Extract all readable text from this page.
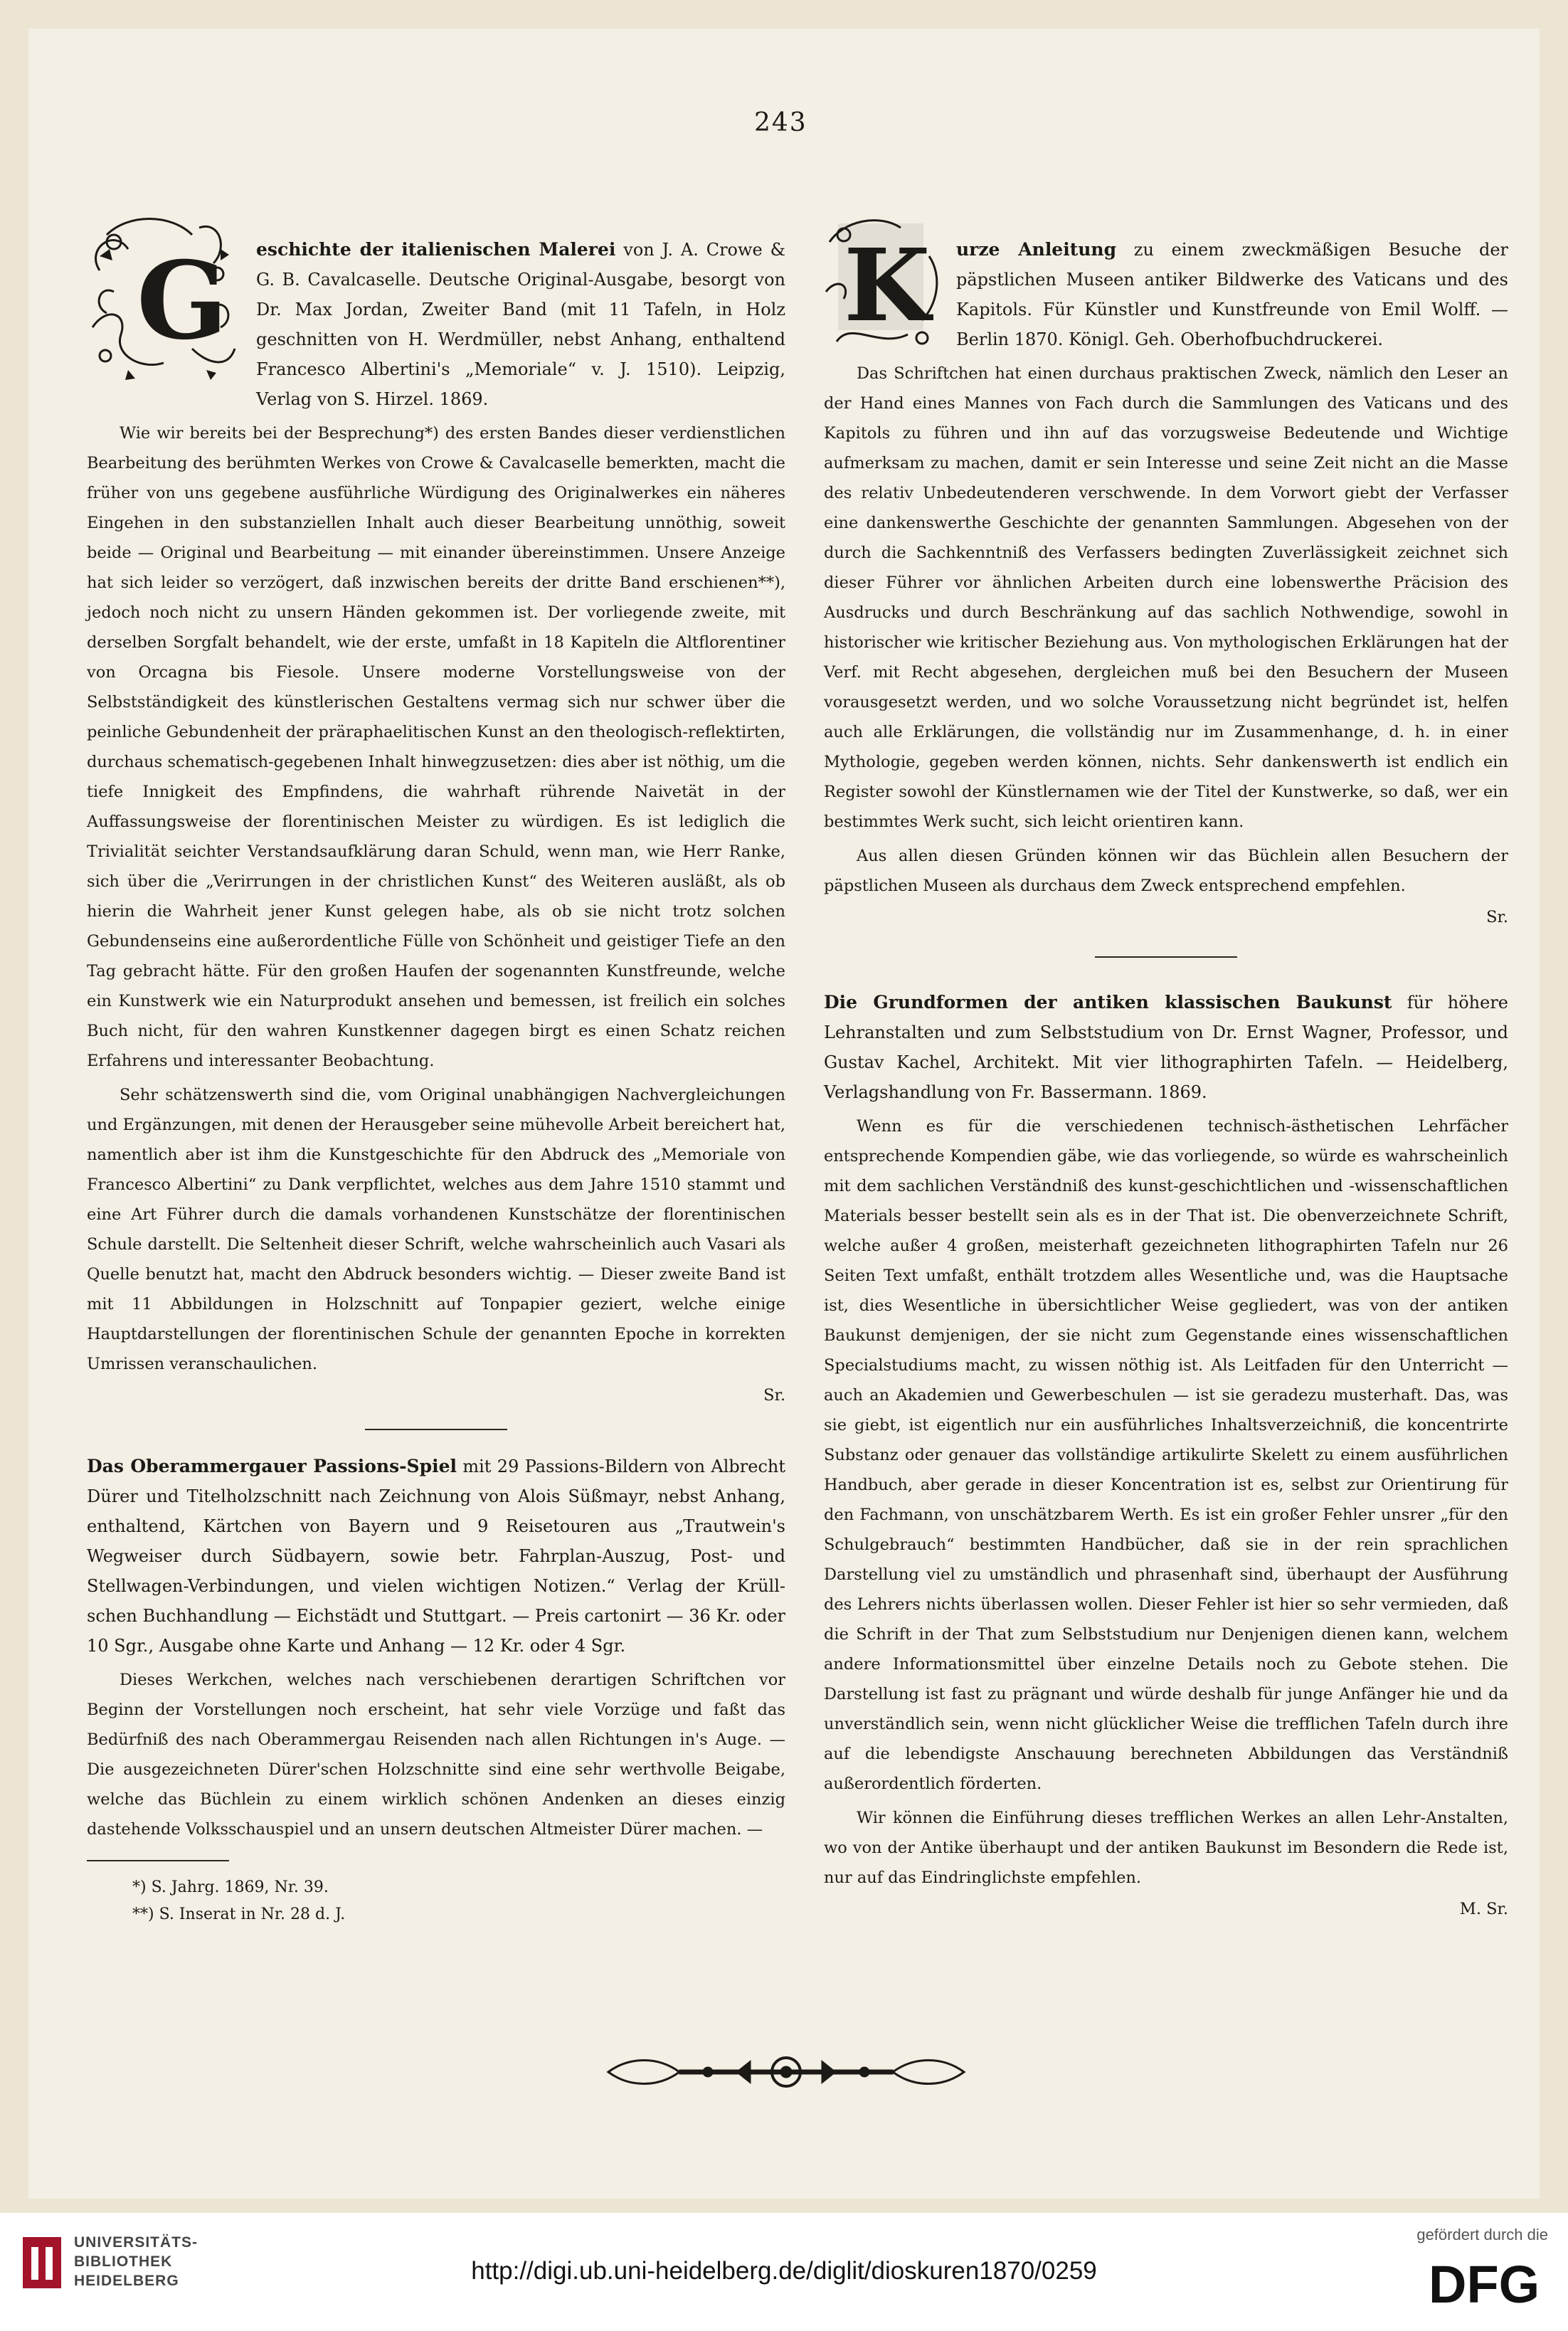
243
G	eschichte der italienischen Malerei von J. A. Crowe & G. B. Cavalcaselle. Deutsche Original-Ausgabe, besorgt von Dr. Max Jordan, Zweiter Band (mit 11 Tafeln, in Holz geschnitten von H. Werdmüller, nebst Anhang, enthaltend Francesco Albertini's „Memoriale“ v. J. 1510). Leipzig, Verlag von S. Hirzel. 1869.

Wie wir bereits bei der Besprechung*) des ersten Bandes dieser verdienstlichen Bearbeitung des berühmten Werkes von Crowe & Cavalcaselle bemerkten, macht die früher von uns gegebene ausführliche Würdigung des Originalwerkes ein näheres Eingehen in den substanziellen Inhalt auch dieser Bearbeitung unnöthig, soweit beide — Original und Bearbeitung — mit einander übereinstimmen. Unsere Anzeige hat sich leider so verzögert, daß inzwischen bereits der dritte Band erschienen**), jedoch noch nicht zu unsern Händen gekommen ist. Der vorliegende zweite, mit derselben Sorgfalt behandelt, wie der erste, umfaßt in 18 Kapiteln die Altflorentiner von Orcagna bis Fiesole. Unsere moderne Vorstellungsweise von der Selbstständigkeit des künstlerischen Gestaltens vermag sich nur schwer über die peinliche Gebundenheit der präraphaelitischen Kunst an den theologisch-reflektirten, durchaus schematisch-gegebenen Inhalt hinwegzusetzen: dies aber ist nöthig, um die tiefe Innigkeit des Empfindens, die wahrhaft rührende Naivetät in der Auffassungsweise der florentinischen Meister zu würdigen. Es ist lediglich die Trivialität seichter Verstandsaufklärung daran Schuld, wenn man, wie Herr Ranke, sich über die „Verirrungen in der christlichen Kunst“ des Weiteren ausläßt, als ob hierin die Wahrheit jener Kunst gelegen habe, als ob sie nicht trotz solchen Gebundenseins eine außerordentliche Fülle von Schönheit und geistiger Tiefe an den Tag gebracht hätte. Für den großen Haufen der sogenannten Kunstfreunde, welche ein Kunstwerk wie ein Naturprodukt ansehen und bemessen, ist freilich ein solches Buch nicht, für den wahren Kunstkenner dagegen birgt es einen Schatz reichen Erfahrens und interessanter Beobachtung.

Sehr schätzenswerth sind die, vom Original unabhängigen Nachvergleichungen und Ergänzungen, mit denen der Herausgeber seine mühevolle Arbeit bereichert hat, namentlich aber ist ihm die Kunstgeschichte für den Abdruck des „Memoriale von Francesco Albertini“ zu Dank verpflichtet, welches aus dem Jahre 1510 stammt und eine Art Führer durch die damals vorhandenen Kunstschätze der florentinischen Schule darstellt. Die Seltenheit dieser Schrift, welche wahrscheinlich auch Vasari als Quelle benutzt hat, macht den Abdruck besonders wichtig. — Dieser zweite Band ist mit 11 Abbildungen in Holzschnitt auf Tonpapier geziert, welche einige Hauptdarstellungen der florentinischen Schule der genannten Epoche in korrekten Umrissen veranschaulichen.

Sr.

Das Oberammergauer Passions-Spiel mit 29 Passions-Bildern von Albrecht Dürer und Titelholzschnitt nach Zeichnung von Alois Süßmayr, nebst Anhang, enthaltend, Kärtchen von Bayern und 9 Reisetouren aus „Trautwein's Wegweiser durch Südbayern, sowie betr. Fahrplan-Auszug, Post- und Stellwagen-Verbindungen, und vielen wichtigen Notizen.“ Verlag der Krüll-schen Buchhandlung — Eichstädt und Stuttgart. — Preis cartonirt — 36 Kr. oder 10 Sgr., Ausgabe ohne Karte und Anhang — 12 Kr. oder 4 Sgr.

Dieses Werkchen, welches nach verschiebenen derartigen Schriftchen vor Beginn der Vorstellungen noch erscheint, hat sehr viele Vorzüge und faßt das Bedürfniß des nach Oberammergau Reisenden nach allen Richtungen in's Auge. — Die ausgezeichneten Dürer'schen Holzschnitte sind eine sehr werthvolle Beigabe, welche das Büchlein zu einem wirklich schönen Andenken an dieses einzig dastehende Volksschauspiel und an unsern deutschen Altmeister Dürer machen. —

*) S. Jahrg. 1869, Nr. 39.
**) S. Inserat in Nr. 28 d. J.
K	urze Anleitung zu einem zweckmäßigen Besuche der päpstlichen Museen antiker Bildwerke des Vaticans und des Kapitols. Für Künstler und Kunstfreunde von Emil Wolff. — Berlin 1870. Königl. Geh. Oberhofbuchdruckerei.

Das Schriftchen hat einen durchaus praktischen Zweck, nämlich den Leser an der Hand eines Mannes von Fach durch die Sammlungen des Vaticans und des Kapitols zu führen und ihn auf das vorzugsweise Bedeutende und Wichtige aufmerksam zu machen, damit er sein Interesse und seine Zeit nicht an die Masse des relativ Unbedeutenderen verschwende. In dem Vorwort giebt der Verfasser eine dankenswerthe Geschichte der genannten Sammlungen. Abgesehen von der durch die Sachkenntniß des Verfassers bedingten Zuverlässigkeit zeichnet sich dieser Führer vor ähnlichen Arbeiten durch eine lobenswerthe Präcision des Ausdrucks und durch Beschränkung auf das sachlich Nothwendige, sowohl in historischer wie kritischer Beziehung aus. Von mythologischen Erklärungen hat der Verf. mit Recht abgesehen, dergleichen muß bei den Besuchern der Museen vorausgesetzt werden, und wo solche Voraussetzung nicht begründet ist, helfen auch alle Erklärungen, die vollständig nur im Zusammenhange, d. h. in einer Mythologie, gegeben werden können, nichts. Sehr dankenswerth ist endlich ein Register sowohl der Künstlernamen wie der Titel der Kunstwerke, so daß, wer ein bestimmtes Werk sucht, sich leicht orientiren kann.

Aus allen diesen Gründen können wir das Büchlein allen Besuchern der päpstlichen Museen als durchaus dem Zweck entsprechend empfehlen.

Sr.

Die Grundformen der antiken klassischen Baukunst für höhere Lehranstalten und zum Selbststudium von Dr. Ernst Wagner, Professor, und Gustav Kachel, Architekt. Mit vier lithographirten Tafeln. — Heidelberg, Verlagshandlung von Fr. Bassermann. 1869.

Wenn es für die verschiedenen technisch-ästhetischen Lehrfächer entsprechende Kompendien gäbe, wie das vorliegende, so würde es wahrscheinlich mit dem sachlichen Verständniß des kunst-geschichtlichen und -wissenschaftlichen Materials besser bestellt sein als es in der That ist. Die obenverzeichnete Schrift, welche außer 4 großen, meisterhaft gezeichneten lithographirten Tafeln nur 26 Seiten Text umfaßt, enthält trotzdem alles Wesentliche und, was die Hauptsache ist, dies Wesentliche in übersichtlicher Weise gegliedert, was von der antiken Baukunst demjenigen, der sie nicht zum Gegenstande eines wissenschaftlichen Specialstudiums macht, zu wissen nöthig ist. Als Leitfaden für den Unterricht — auch an Akademien und Gewerbeschulen — ist sie geradezu musterhaft. Das, was sie giebt, ist eigentlich nur ein ausführliches Inhaltsverzeichniß, die koncentrirte Substanz oder genauer das vollständige artikulirte Skelett zu einem ausführlichen Handbuch, aber gerade in dieser Koncentration ist es, selbst zur Orientirung für den Fachmann, von unschätzbarem Werth. Es ist ein großer Fehler unsrer „für den Schulgebrauch“ bestimmten Handbücher, daß sie in der rein sprachlichen Darstellung viel zu umständlich und phrasenhaft sind, überhaupt der Ausführung des Lehrers nichts überlassen wollen. Dieser Fehler ist hier so sehr vermieden, daß die Schrift in der That zum Selbststudium nur Denjenigen dienen kann, welchem andere Informationsmittel über einzelne Details noch zu Gebote stehen. Die Darstellung ist fast zu prägnant und würde deshalb für junge Anfänger hie und da unverständlich sein, wenn nicht glücklicher Weise die trefflichen Tafeln durch ihre auf die lebendigste Anschauung berechneten Abbildungen das Verständniß außerordentlich förderten.

Wir können die Einführung dieses trefflichen Werkes an allen Lehr-Anstalten, wo von der Antike überhaupt und der antiken Baukunst im Besondern die Rede ist, nur auf das Eindringlichste empfehlen.

M. Sr.

UNIVERSITÄTS-
BIBLIOTHEK
HEIDELBERG	http://digi.ub.uni-heidelberg.de/diglit/dioskuren1870/0259
gefördert durch die
DFG
